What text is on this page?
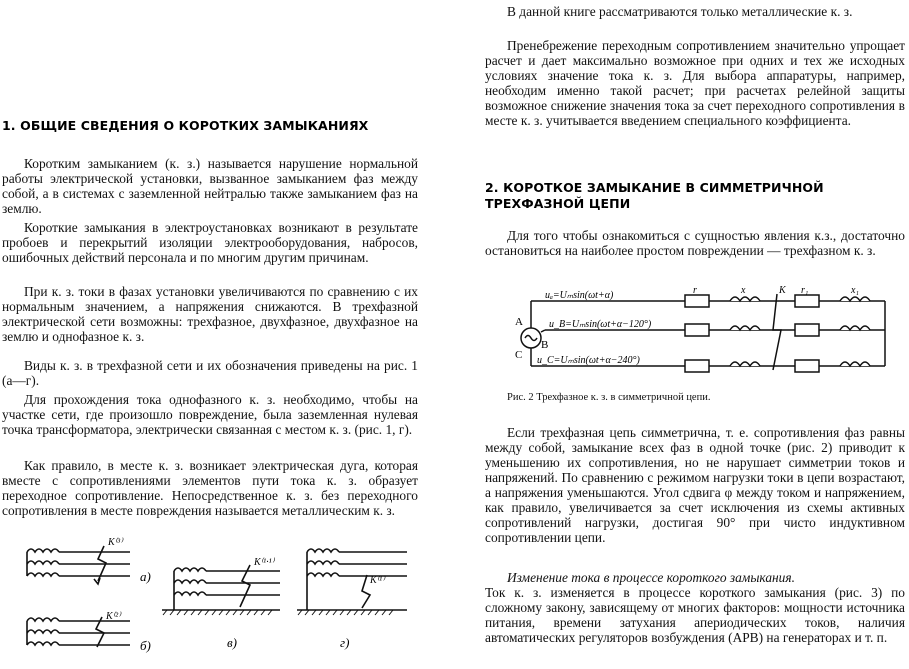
1. ОБЩИЕ СВЕДЕНИЯ О КОРОТКИХ ЗАМЫКАНИЯХ

Коротким замыканием (к. з.) называется нарушение нормальной работы электрической установки, вызванное замыканием фаз между собой, а в системах с заземленной нейтралью также замыканием фаз на землю.

Короткие замыкания в электроустановках возникают в результате пробоев и перекрытий изоляции электрооборудования, набросов, ошибочных действий персонала и по многим другим причинам.

При к. з. токи в фазах установки увеличиваются по сравнению с их нормальным значением, а напряжения снижаются. В трехфазной электрической сети возможны: трехфазное, двухфазное, двухфазное на землю и однофазное к. з.

Виды к. з. в трехфазной сети и их обозначения приведены на рис. 1 (а—г).

Для прохождения тока однофазного к. з. необходимо, чтобы на участке сети, где произошло повреждение, была заземленная нулевая точка трансформатора, электрически связанная с местом к. з. (рис. 1, г).

Как правило, в месте к. з. возникает электрическая дуга, которая вместе с сопротивлениями элементов пути тока к. з. образует переходное сопротивление. Непосредственное к. з. без переходного сопротивления в месте повреждения называется металлическим к. з.

K⁽³⁾
а)
K⁽²⁾
б)
K⁽¹·¹⁾
в)
K⁽¹⁾
г)

В данной книге рассматриваются только металлические к. з.

Пренебрежение переходным сопротивлением значительно упрощает расчет и дает максимально возможное при одних и тех же исходных условиях значение тока к. з. Для выбора аппаратуры, например, необходим именно такой расчет; при расчетах релейной защиты возможное снижение значения тока за счет переходного сопротивления в месте к. з. учитывается введением специального коэффициента.

2. КОРОТКОЕ ЗАМЫКАНИЕ В СИММЕТРИЧНОЙ ТРЕХФАЗНОЙ ЦЕПИ

Для того чтобы ознакомиться с сущностью явления к.з., достаточно остановиться на наиболее простом повреждении — трехфазном к. з.

uₐ=Uₘsin(ωt+α)
u_B=Uₘsin(ωt+α−120°)
u_C=Uₘsin(ωt+α−240°)
A
B
C
r	x	K r₁	x₁

Рис. 2 Трехфазное к. з. в симметричной цепи.

Если трехфазная цепь симметрична, т. е. сопротивления фаз равны между собой, замыкание всех фаз в одной точке (рис. 2) приводит к уменьшению их сопротивления, но не нарушает симметрии токов и напряжений. По сравнению с режимом нагрузки токи в цепи возрастают, а напряжения уменьшаются. Угол сдвига φ между током и напряжением, как правило, увеличивается за счет исключения из схемы активных сопротивлений нагрузки, достигая 90° при чисто индуктивном сопротивлении цепи.

Изменение тока в процессе короткого замыкания.

Ток к. з. изменяется в процессе короткого замыкания (рис. 3) по сложному закону, зависящему от многих факторов: мощности источника питания, времени затухания апериодических токов, наличия автоматических регуляторов возбуждения (АРВ) на генераторах и т. п.
